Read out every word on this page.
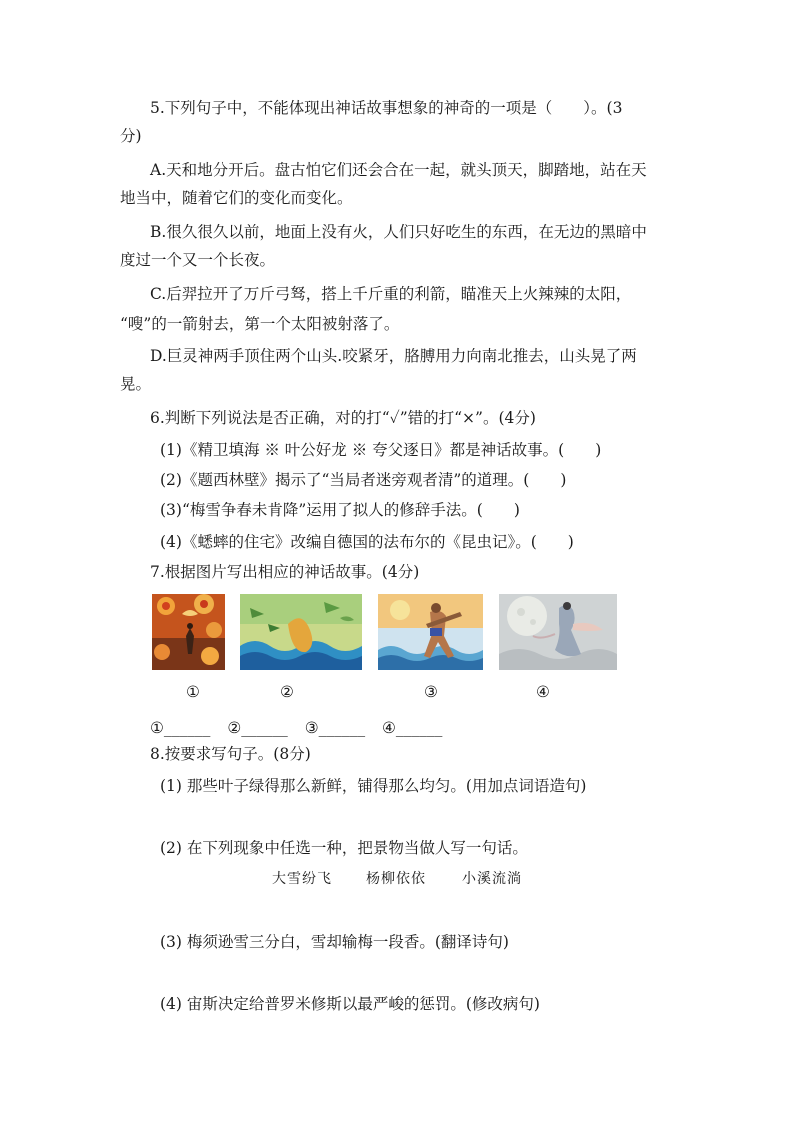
5.下列句子中，不能体现出神话故事想象的神奇的一项是（　　）。(3
分)
A.天和地分开后。盘古怕它们还会合在一起，就头顶天，脚踏地，站在天
地当中，随着它们的变化而变化。
B.很久很久以前，地面上没有火，人们只好吃生的东西，在无边的黑暗中
度过一个又一个长夜。
C.后羿拉开了万斤弓驽，搭上千斤重的利箭，瞄准天上火辣辣的太阳，
“嗖”的一箭射去，第一个太阳被射落了。
D.巨灵神两手顶住两个山头.咬紧牙，胳膊用力向南北推去，山头晃了两
晃。
6.判断下列说法是否正确，对的打“✓”错的打“×”。(4分)
(1)《精卫填海 ※ 叶公好龙 ※ 夸父逐日》都是神话故事。(　　)
(2)《题西林壁》揭示了“当局者迷旁观者清”的道理。(　　)
(3)“梅雪争春未肯降”运用了拟人的修辞手法。(　　)
(4)《蟋蟀的住宅》改编自德国的法布尔的《昆虫记》。(　　)
7.根据图片写出相应的神话故事。(4分)
①	②	③	④
①______ ②______ ③______ ④______
8.按要求写句子。(8分)
(1) 那些叶子绿得那么新鲜，铺得那么均匀。(用加点词语造句)
(2) 在下列现象中任选一种，把景物当做人写一句话。
大雪纷飞 杨柳依依	小溪流淌
(3) 梅须逊雪三分白，雪却输梅一段香。(翻译诗句)
(4) 宙斯决定给普罗米修斯以最严峻的惩罚。(修改病句)
